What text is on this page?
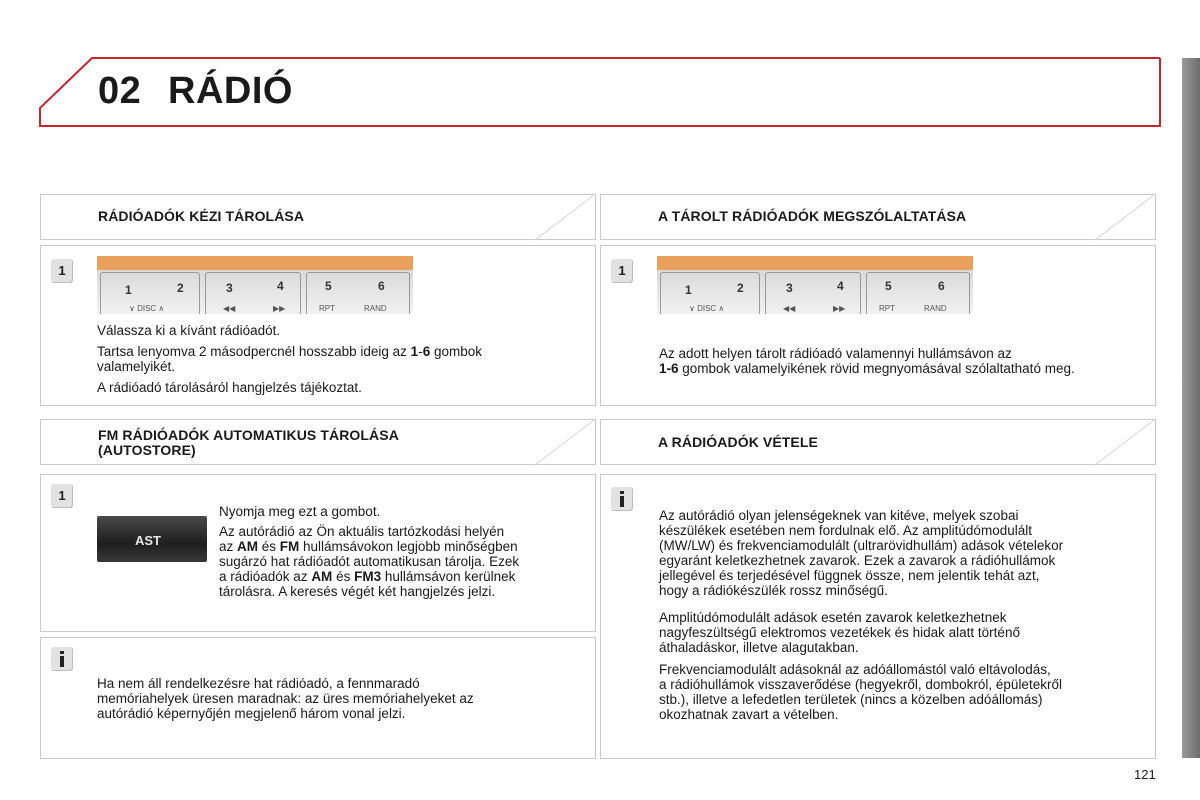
02 RÁDIÓ
RÁDIÓADÓK KÉZI TÁROLÁSA
1
1	2	3	4	5	6
∨ DISC ∧	◀◀	▶▶	RPT	RAND

Válassza ki a kívánt rádióadót.

Tartsa lenyomva 2 másodpercnél hosszabb ideig az 1-6 gombok
valamelyikét.

A rádióadó tárolásáról hangjelzés tájékoztat.

FM RÁDIÓADÓK AUTOMATIKUS TÁROLÁSA
(AUTOSTORE)
1
AST

Nyomja meg ezt a gombot.

Az autórádió az Ön aktuális tartózkodási helyén
az AM és FM hullámsávokon legjobb minőségben
sugárzó hat rádióadót automatikusan tárolja. Ezek
a rádióadók az AM és FM3 hullámsávon kerülnek
tárolásra. A keresés végét két hangjelzés jelzi.

Ha nem áll rendelkezésre hat rádióadó, a fennmaradó
memóriahelyek üresen maradnak: az üres memóriahelyeket az
autórádió képernyőjén megjelenő három vonal jelzi.

A TÁROLT RÁDIÓADÓK MEGSZÓLALTATÁSA
1
1	2	3	4	5	6
∨ DISC ∧	◀◀	▶▶	RPT	RAND

Az adott helyen tárolt rádióadó valamennyi hullámsávon az
1-6 gombok valamelyikének rövid megnyomásával szólaltatható meg.

A RÁDIÓADÓK VÉTELE

Az autórádió olyan jelenségeknek van kitéve, melyek szobai
készülékek esetében nem fordulnak elő. Az amplitúdómodulált
(MW/LW) és frekvenciamodulált (ultrarövidhullám) adások vételekor
egyaránt keletkezhetnek zavarok. Ezek a zavarok a rádióhullámok
jellegével és terjedésével függnek össze, nem jelentik tehát azt,
hogy a rádiókészülék rossz minőségű.

Amplitúdómodulált adások esetén zavarok keletkezhetnek
nagyfeszültségű elektromos vezetékek és hidak alatt történő
áthaladáskor, illetve alagutakban.

Frekvenciamodulált adásoknál az adóállomástól való eltávolodás,
a rádióhullámok visszaverődése (hegyekről, dombokról, épületekről
stb.), illetve a lefedetlen területek (nincs a közelben adóállomás)
okozhatnak zavart a vételben.

121
